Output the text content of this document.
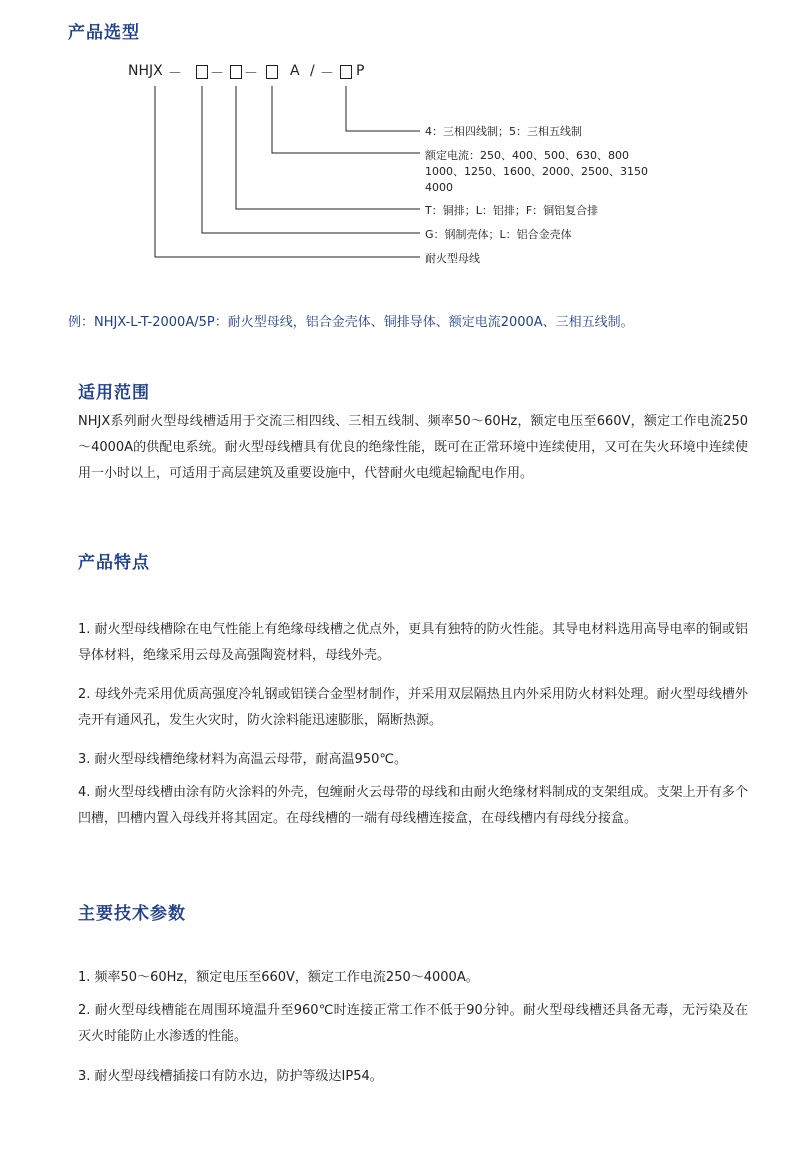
产品选型
NHJX － － － A / － P

4：三相四线制；5：三相五线制

额定电流：250、400、500、630、800

1000、1250、1600、2000、2500、3150

4000

T：铜排；L：铝排；F：铜铝复合排

G：钢制壳体；L：铝合金壳体

耐火型母线

例：NHJX-L-T-2000A/5P：耐火型母线，铝合金壳体、铜排导体、额定电流2000A、三相五线制。

适用范围

NHJX系列耐火型母线槽适用于交流三相四线、三相五线制、频率50～60Hz，额定电压至660V，额定工作电流250～4000A的供配电系统。耐火型母线槽具有优良的绝缘性能，既可在正常环境中连续使用，又可在失火环境中连续使用一小时以上，可适用于高层建筑及重要设施中，代替耐火电缆起输配电作用。

产品特点

1. 耐火型母线槽除在电气性能上有绝缘母线槽之优点外，更具有独特的防火性能。其导电材料选用高导电率的铜或铝导体材料，绝缘采用云母及高强陶瓷材料，母线外壳。

2. 母线外壳采用优质高强度冷轧钢或铝镁合金型材制作，并采用双层隔热且内外采用防火材料处理。耐火型母线槽外壳开有通风孔，发生火灾时，防火涂料能迅速膨胀，隔断热源。

3. 耐火型母线槽绝缘材料为高温云母带，耐高温950℃。

4. 耐火型母线槽由涂有防火涂料的外壳，包缠耐火云母带的母线和由耐火绝缘材料制成的支架组成。支架上开有多个凹槽，凹槽内置入母线并将其固定。在母线槽的一端有母线槽连接盒，在母线槽内有母线分接盒。

主要技术参数

1. 频率50～60Hz，额定电压至660V，额定工作电流250～4000A。

2. 耐火型母线槽能在周围环境温升至960℃时连接正常工作不低于90分钟。耐火型母线槽还具备无毒，无污染及在灭火时能防止水渗透的性能。

3. 耐火型母线槽插接口有防水边，防护等级达IP54。
